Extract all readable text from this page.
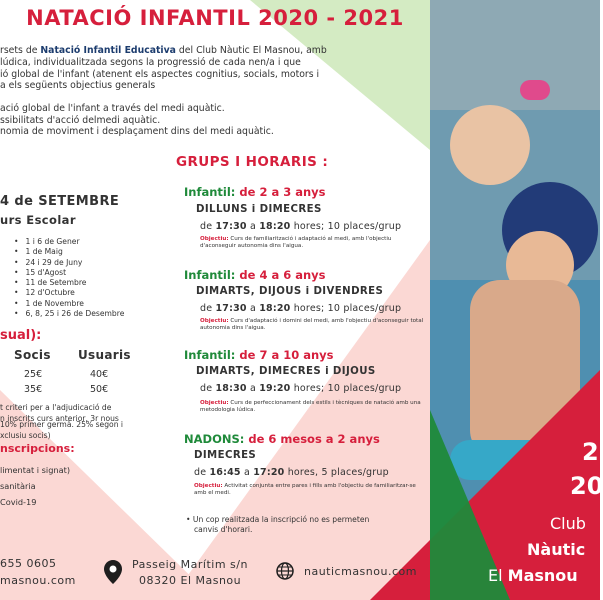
NATACIÓ INFANTIL 2020 - 2021
rsets de Natació Infantil Educativa del Club Nàutic El Masnou, amb
lúdica, individualitzada segons la progressió de cada nen/a i que
ió global de l'infant (atenent els aspectes cognitius, socials, motors i
a els següents objectius generals
ació global de l'infant a través del medi aquàtic.
ssibilitats d'acció delmedi aquàtic.
nomia de moviment i desplaçament dins del medi aquàtic.
4 de SETEMBRE
urs Escolar
• 1 i 6 de Gener
• 1 de Maig
• 24 i 29 de Juny
• 15 d'Agost
• 11 de Setembre
• 12 d'Octubre
• 1 de Novembre
• 6, 8, 25 i 26 de Desembre
sual):
Socis Usuaris
25€	40€
35€	50€
t criteri per a l'adjudicació de
n inscrits curs anterior, 3r nous
10% primer germà. 25% segon i
xclusiu socis)
nscripcions:
limentat i signat)
sanitària
Covid-19
655 0605
masnou.com
Passeig Marítim s/n
08320 El Masnou
nauticmasnou.com
GRUPS I HORARIS :
Infantil: de 2 a 3 anys
DILLUNS i DIMECRES
de 17:30 a 18:20 hores; 10 places/grup
Objectiu: Curs de familiarització i adaptació al medi, amb l'objectiu d'aconseguir autonomia dins l'aigua.
Infantil: de 4 a 6 anys
DIMARTS, DIJOUS i DIVENDRES
de 17:30 a 18:20 hores; 10 places/grup
Objectiu: Curs d'adaptació i domini del medi, amb l'objectiu d'aconseguir total autonomia dins l'aigua.
Infantil: de 7 a 10 anys
DIMARTS, DIMECRES i DIJOUS
de 18:30 a 19:20 hores; 10 places/grup
Objectiu: Curs de perfeccionament dels estils i tècniques de natació amb una metodologia lúdica.
NADONS: de 6 mesos a 2 anys
DIMECRES
de 16:45 a 17:20 hores, 5 places/grup
Objectiu: Activitat conjunta entre pares i fills amb l'objectiu de familiaritzar-se amb el medi.
• Un cop realitzada la inscripció no es permeten
canvis d'horari.
2
20
Club
Nàutic
El Masnou
